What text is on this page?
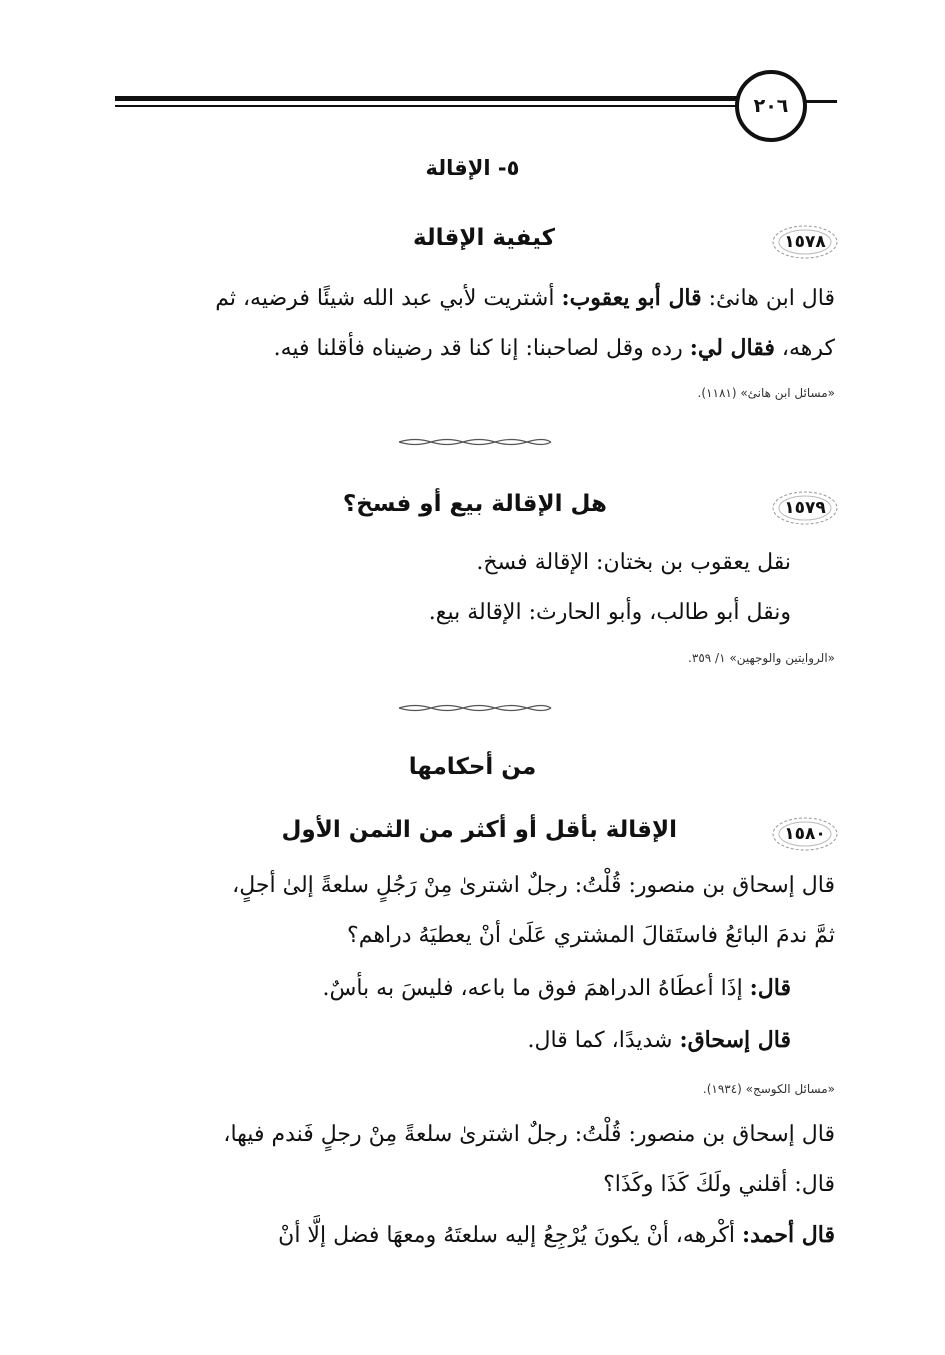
٢٠٦
٥- الإقالة
١٥٧٨
كيفية الإقالة
قال ابن هانئ: قال أبو يعقوب: أشتريت لأبي عبد الله شيئًا فرضيه، ثم
كرهه، فقال لي: رده وقل لصاحبنا: إنا كنا قد رضيناه فأقلنا فيه.
«مسائل ابن هانئ» (١١٨١).
١٥٧٩
هل الإقالة بيع أو فسخ؟
نقل يعقوب بن بختان: الإقالة فسخ.
ونقل أبو طالب، وأبو الحارث: الإقالة بيع.
«الروايتين والوجهين» ١/ ٣٥٩.
من أحكامها
١٥٨٠
الإقالة بأقل أو أكثر من الثمن الأول
قال إسحاق بن منصور: قُلْتُ: رجلٌ اشترىٰ مِنْ رَجُلٍ سلعةً إلىٰ أجلٍ،
ثمَّ ندمَ البائعُ فاستَقالَ المشتري عَلَىٰ أنْ يعطيَهُ دراهم؟
قال: إذَا أعطَاهُ الدراهمَ فوق ما باعه، فليسَ به بأسٌ.
قال إسحاق: شديدًا، كما قال.
«مسائل الكوسج» (١٩٣٤).
قال إسحاق بن منصور: قُلْتُ: رجلٌ اشترىٰ سلعةً مِنْ رجلٍ فَندم فيها،
قال: أقلني ولَكَ كَذَا وكَذَا؟
قال أحمد: أكْرهه، أنْ يكونَ يُرْجِعُ إليه سلعتَهُ ومعهَا فضل إلَّا أنْ
